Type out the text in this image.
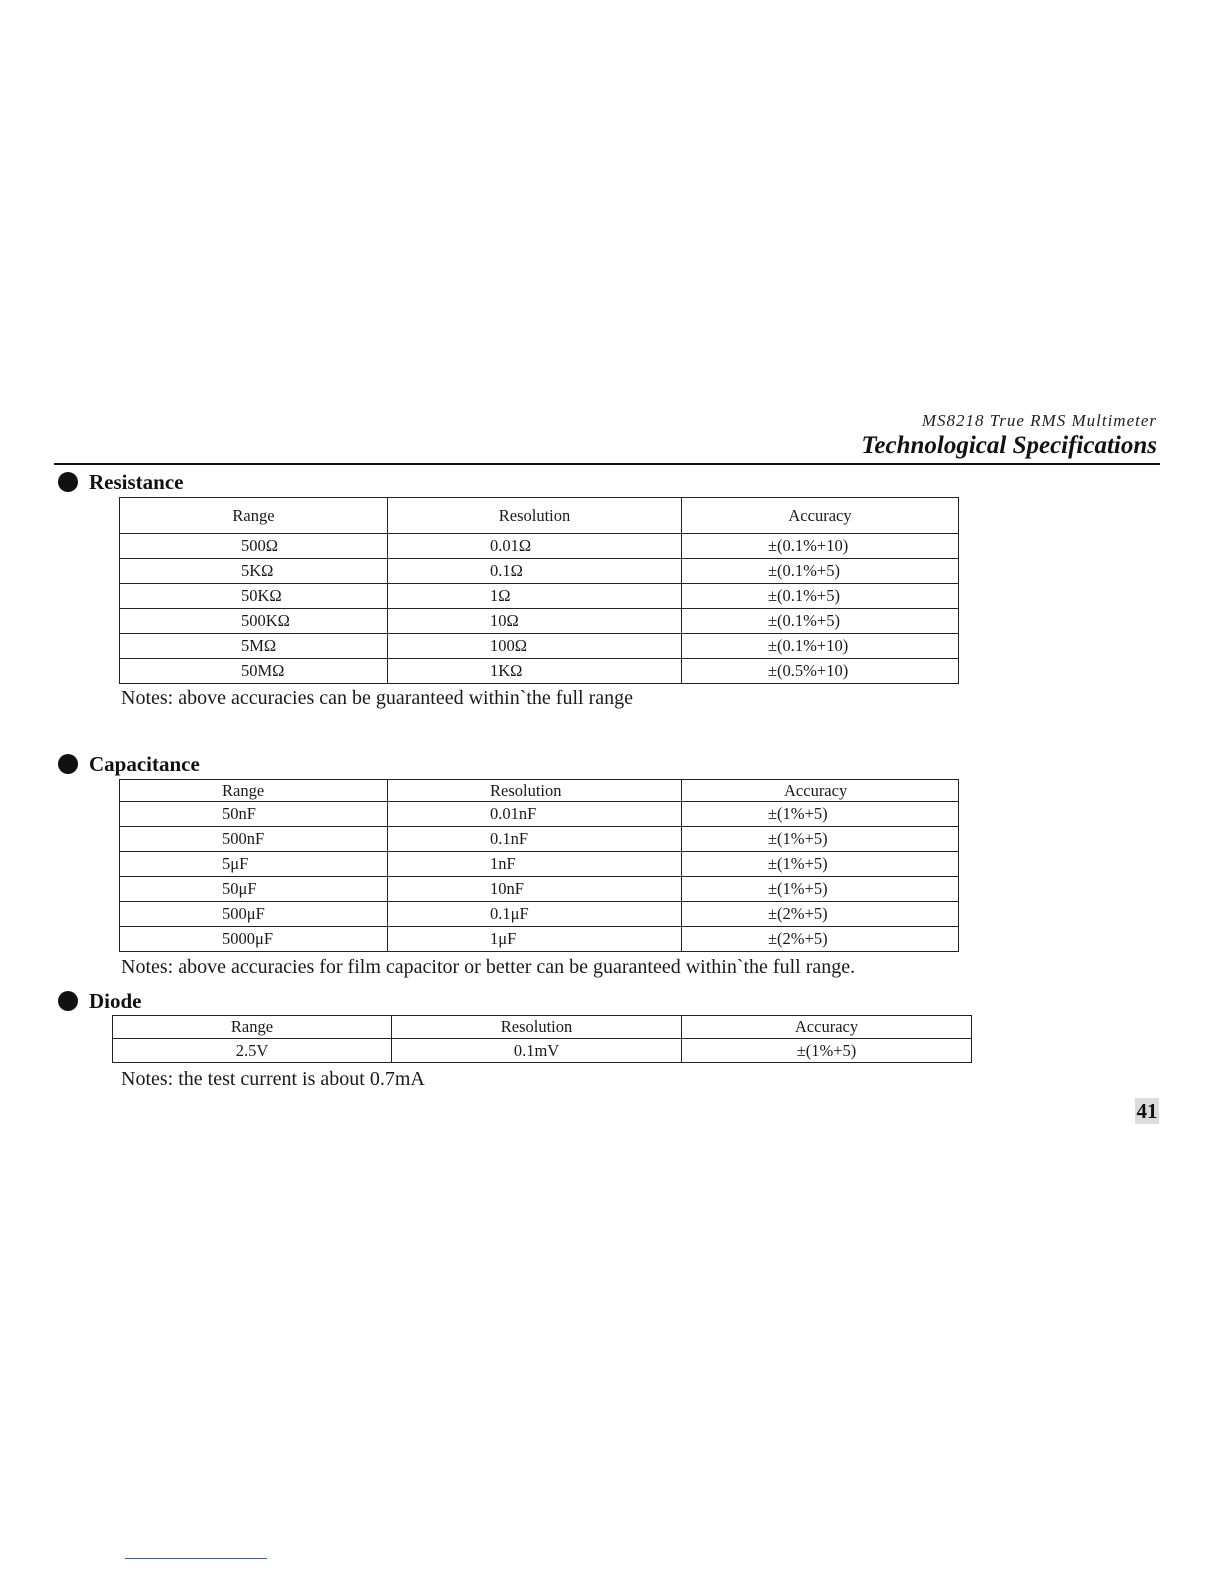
MS8218 True RMS Multimeter
Technological Specifications
Resistance
Range	Resolution	Accuracy
500Ω	0.01Ω	±(0.1%+10)
5KΩ	0.1Ω	±(0.1%+5)
50KΩ	1Ω	±(0.1%+5)
500KΩ	10Ω	±(0.1%+5)
5MΩ	100Ω	±(0.1%+10)
50MΩ	1KΩ	±(0.5%+10)
Notes: above accuracies can be guaranteed within`the full range
Capacitance
Range	Resolution	Accuracy
50nF	0.01nF	±(1%+5)
500nF	0.1nF	±(1%+5)
5μF	1nF	±(1%+5)
50μF	10nF	±(1%+5)
500μF	0.1μF	±(2%+5)
5000μF	1μF	±(2%+5)
Notes: above accuracies for film capacitor or better can be guaranteed within`the full range.
Diode
Range	Resolution	Accuracy
2.5V	0.1mV	±(1%+5)
Notes: the test current is about 0.7mA
41
